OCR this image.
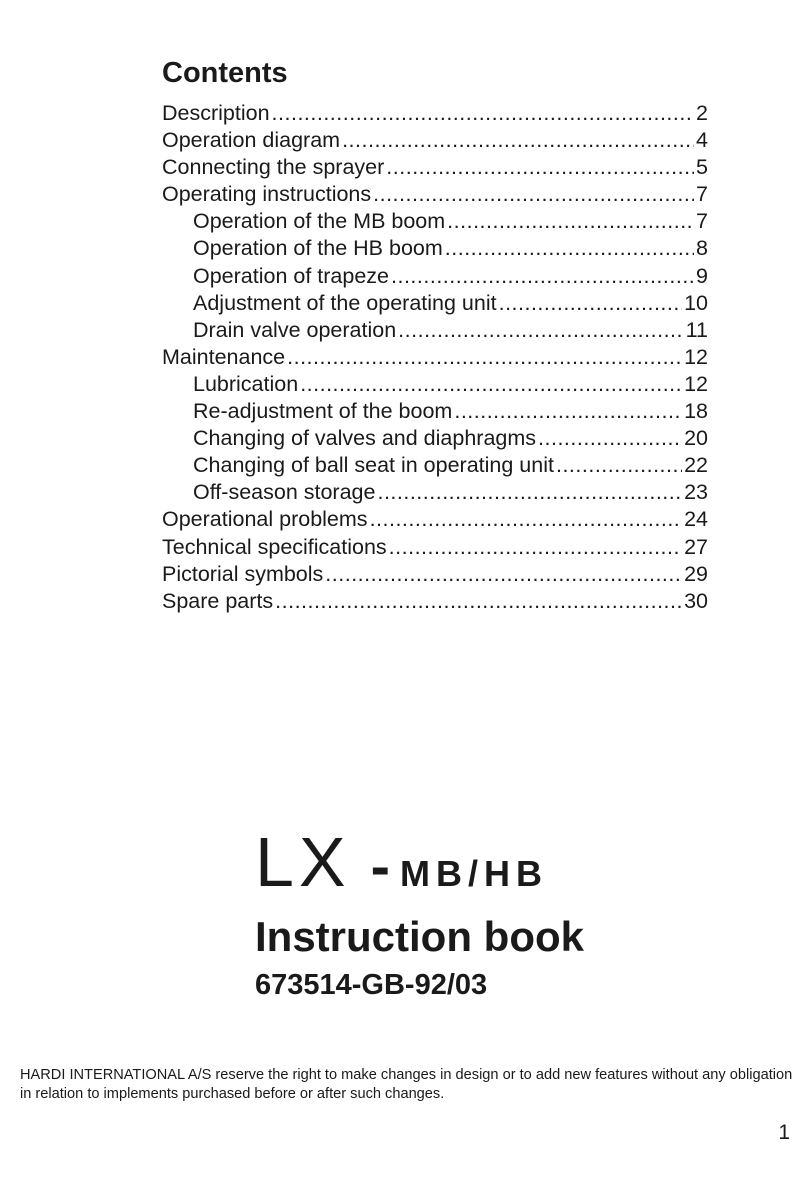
Contents
Description .....	2
Operation diagram .....	4
Connecting the sprayer .....	5
Operating instructions .....	7
Operation of the MB boom .....	7
Operation of the HB boom .....	8
Operation of trapeze .....	9
Adjustment of the operating unit .....	10
Drain valve operation .....	11
Maintenance .....	12
Lubrication .....	12
Re-adjustment of the boom .....	18
Changing of valves and diaphragms .....	20
Changing of ball seat in operating unit .....	22
Off-season storage .....	23
Operational problems .....	24
Technical specifications .....	27
Pictorial symbols .....	29
Spare parts .....	30
LX - MB/HB
Instruction book

673514-GB-92/03

HARDI INTERNATIONAL A/S reserve the right to make changes in design or to add new features without any obligation in relation to implements purchased before or after such changes.

1
